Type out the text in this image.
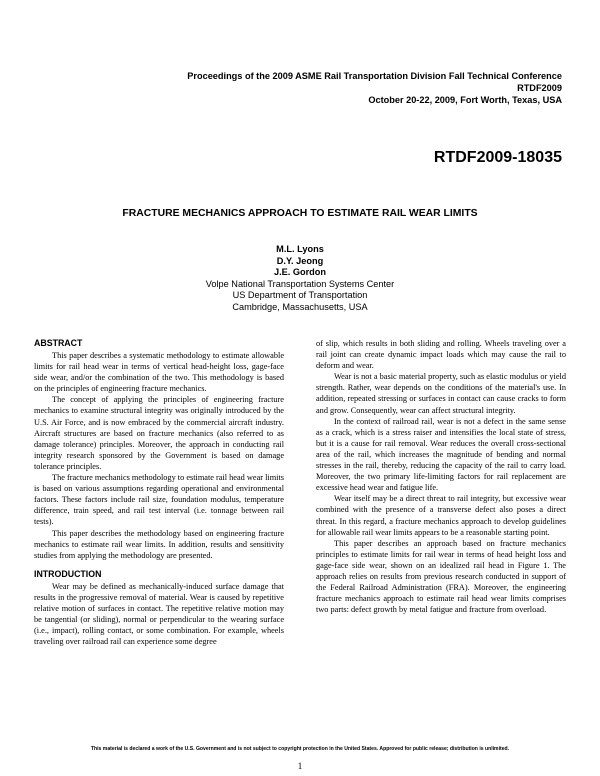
Proceedings of the 2009 ASME Rail Transportation Division Fall Technical Conference
RTDF2009
October 20-22, 2009, Fort Worth, Texas, USA
RTDF2009-18035
FRACTURE MECHANICS APPROACH TO ESTIMATE RAIL WEAR LIMITS
M.L. Lyons
D.Y. Jeong
J.E. Gordon
Volpe National Transportation Systems Center
US Department of Transportation
Cambridge, Massachusetts, USA
ABSTRACT

This paper describes a systematic methodology to estimate allowable limits for rail head wear in terms of vertical head-height loss, gage-face side wear, and/or the combination of the two. This methodology is based on the principles of engineering fracture mechanics.

The concept of applying the principles of engineering fracture mechanics to examine structural integrity was originally introduced by the U.S. Air Force, and is now embraced by the commercial aircraft industry. Aircraft structures are based on fracture mechanics (also referred to as damage tolerance) principles. Moreover, the approach in conducting rail integrity research sponsored by the Government is based on damage tolerance principles.

The fracture mechanics methodology to estimate rail head wear limits is based on various assumptions regarding operational and environmental factors. These factors include rail size, foundation modulus, temperature difference, train speed, and rail test interval (i.e. tonnage between rail tests).

This paper describes the methodology based on engineering fracture mechanics to estimate rail wear limits. In addition, results and sensitivity studies from applying the methodology are presented.

INTRODUCTION

Wear may be defined as mechanically-induced surface damage that results in the progressive removal of material. Wear is caused by repetitive relative motion of surfaces in contact. The repetitive relative motion may be tangential (or sliding), normal or perpendicular to the wearing surface (i.e., impact), rolling contact, or some combination. For example, wheels traveling over railroad rail can experience some degree

of slip, which results in both sliding and rolling. Wheels traveling over a rail joint can create dynamic impact loads which may cause the rail to deform and wear.

Wear is not a basic material property, such as elastic modulus or yield strength. Rather, wear depends on the conditions of the material's use. In addition, repeated stressing or surfaces in contact can cause cracks to form and grow. Consequently, wear can affect structural integrity.

In the context of railroad rail, wear is not a defect in the same sense as a crack, which is a stress raiser and intensifies the local state of stress, but it is a cause for rail removal. Wear reduces the overall cross-sectional area of the rail, which increases the magnitude of bending and normal stresses in the rail, thereby, reducing the capacity of the rail to carry load. Moreover, the two primary life-limiting factors for rail replacement are excessive head wear and fatigue life.

Wear itself may be a direct threat to rail integrity, but excessive wear combined with the presence of a transverse defect also poses a direct threat. In this regard, a fracture mechanics approach to develop guidelines for allowable rail wear limits appears to be a reasonable starting point.

This paper describes an approach based on fracture mechanics principles to estimate limits for rail wear in terms of head height loss and gage-face side wear, shown on an idealized rail head in Figure 1. The approach relies on results from previous research conducted in support of the Federal Railroad Administration (FRA). Moreover, the engineering fracture mechanics approach to estimate rail head wear limits comprises two parts: defect growth by metal fatigue and fracture from overload.

This material is declared a work of the U.S. Government and is not subject to copyright protection in the United States. Approved for public release; distribution is unlimited.
1
